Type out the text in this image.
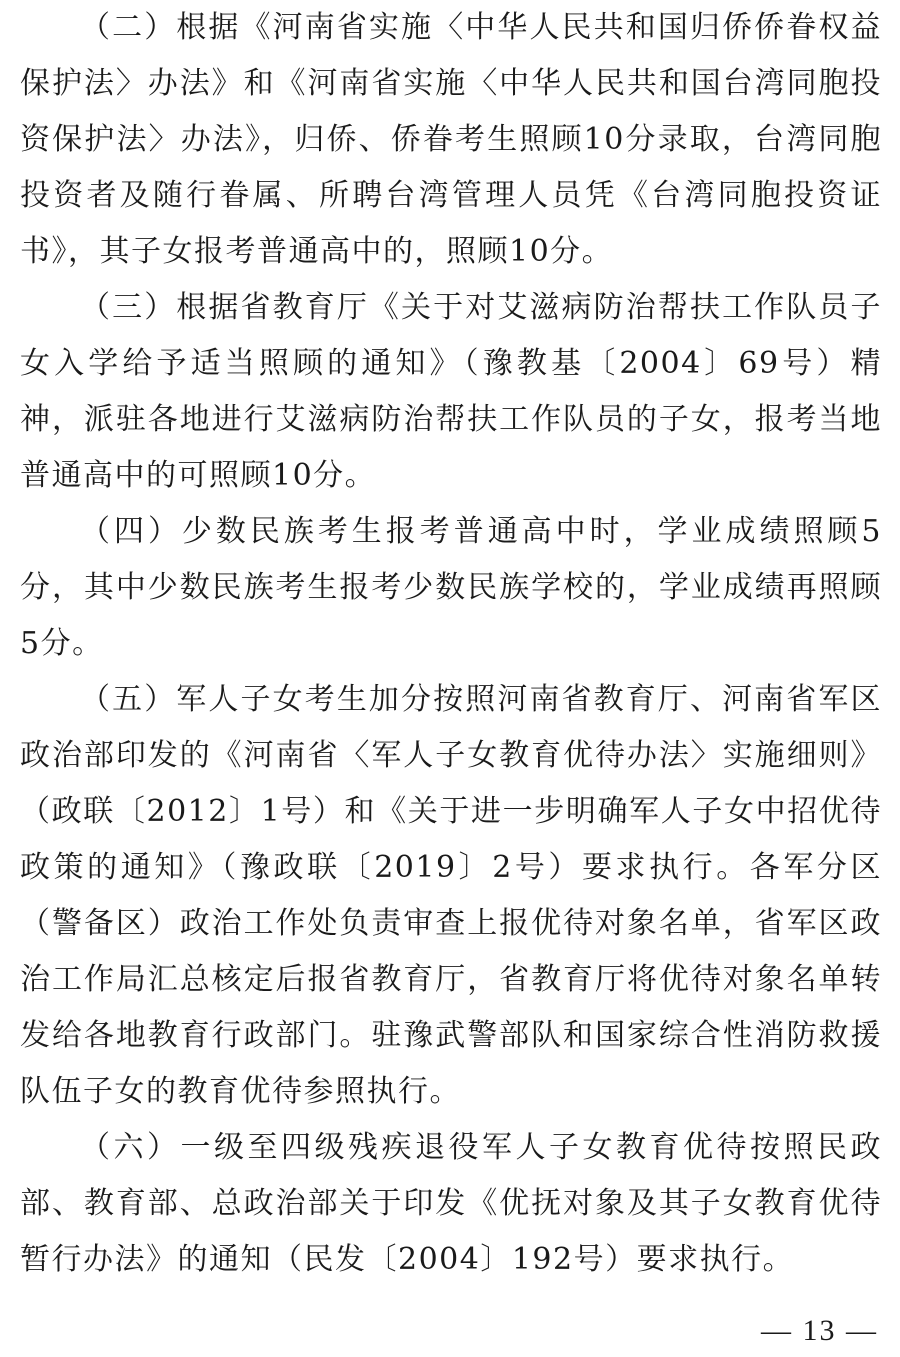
（二）根据《河南省实施〈中华人民共和国归侨侨眷权益保护法〉办法》和《河南省实施〈中华人民共和国台湾同胞投资保护法〉办法》，归侨、侨眷考生照顾10分录取，台湾同胞投资者及随行眷属、所聘台湾管理人员凭《台湾同胞投资证书》，其子女报考普通高中的，照顾10分。

（三）根据省教育厅《关于对艾滋病防治帮扶工作队员子女入学给予适当照顾的通知》（豫教基〔2004〕69号）精神，派驻各地进行艾滋病防治帮扶工作队员的子女，报考当地普通高中的可照顾10分。

（四）少数民族考生报考普通高中时，学业成绩照顾5分，其中少数民族考生报考少数民族学校的，学业成绩再照顾5分。

（五）军人子女考生加分按照河南省教育厅、河南省军区政治部印发的《河南省〈军人子女教育优待办法〉实施细则》（政联〔2012〕1号）和《关于进一步明确军人子女中招优待政策的通知》（豫政联〔2019〕2号）要求执行。各军分区（警备区）政治工作处负责审查上报优待对象名单，省军区政治工作局汇总核定后报省教育厅，省教育厅将优待对象名单转发给各地教育行政部门。驻豫武警部队和国家综合性消防救援队伍子女的教育优待参照执行。

（六）一级至四级残疾退役军人子女教育优待按照民政部、教育部、总政治部关于印发《优抚对象及其子女教育优待暂行办法》的通知（民发〔2004〕192号）要求执行。

— 13 —
